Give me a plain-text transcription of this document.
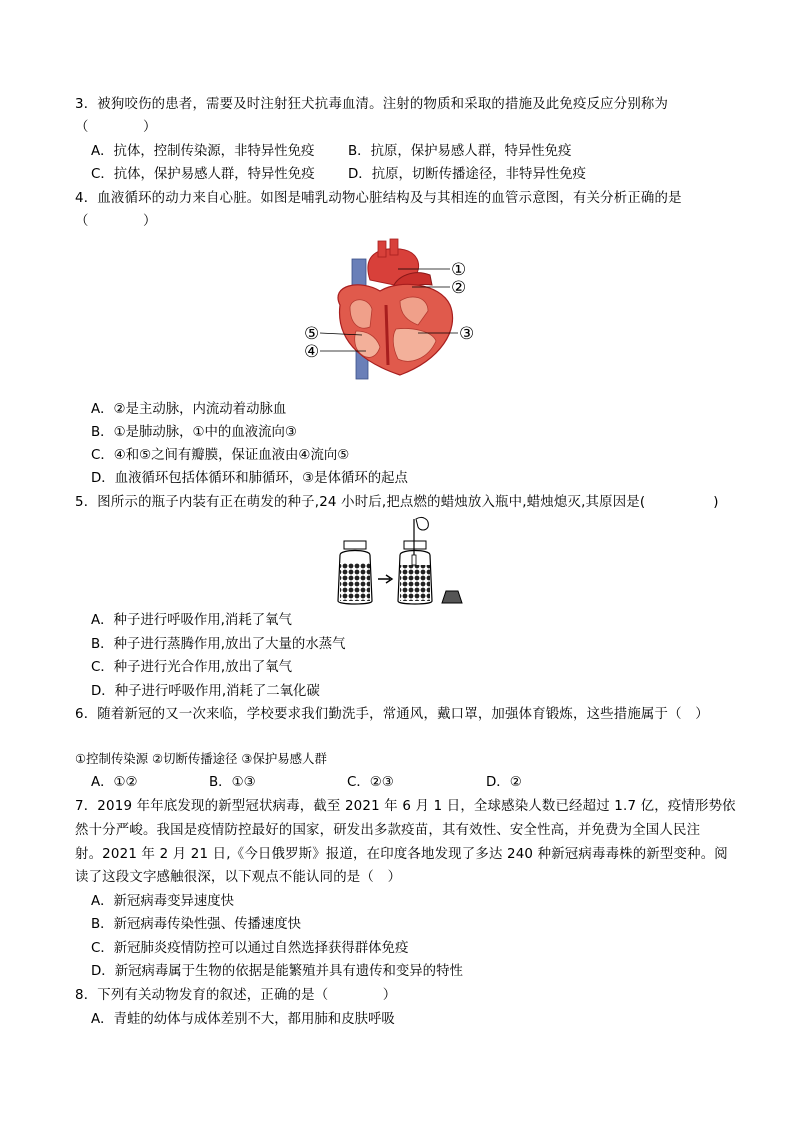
3．被狗咬伤的患者，需要及时注射狂犬抗毒血清。注射的物质和采取的措施及此免疫反应分别称为
（　　　　）
A．抗体，控制传染源，非特异性免疫	B．抗原，保护易感人群，特异性免疫
C．抗体，保护易感人群，特异性免疫 D．抗原，切断传播途径，非特异性免疫
4．血液循环的动力来自心脏。如图是哺乳动物心脏结构及与其相连的血管示意图，有关分析正确的是
（　　　　）
①
②
③
⑤
④
A．②是主动脉，内流动着动脉血
B．①是肺动脉，①中的血液流向③
C．④和⑤之间有瓣膜，保证血液由④流向⑤
D．血液循环包括体循环和肺循环，③是体循环的起点
5．图所示的瓶子内装有正在萌发的种子,24 小时后,把点燃的蜡烛放入瓶中,蜡烛熄灭,其原因是(　　　　　)
A．种子进行呼吸作用,消耗了氧气
B．种子进行蒸腾作用,放出了大量的水蒸气
C．种子进行光合作用,放出了氧气
D．种子进行呼吸作用,消耗了二氧化碳
6．随着新冠的又一次来临，学校要求我们勤洗手，常通风，戴口罩，加强体育锻炼，这些措施属于（　）
①控制传染源 ②切断传播途径 ③保护易感人群
A．①②	B．①③	C．②③	D．②
7．2019 年年底发现的新型冠状病毒，截至 2021 年 6 月 1 日，全球感染人数已经超过 1.7 亿，疫情形势依
然十分严峻。我国是疫情防控最好的国家，研发出多款疫苗，其有效性、安全性高，并免费为全国人民注
射。2021 年 2 月 21 日,《今日俄罗斯》报道，在印度各地发现了多达 240 种新冠病毒毒株的新型变种。阅
读了这段文字感触很深，以下观点不能认同的是（　）
A．新冠病毒变异速度快
B．新冠病毒传染性强、传播速度快
C．新冠肺炎疫情防控可以通过自然选择获得群体免疫
D．新冠病毒属于生物的依据是能繁殖并具有遗传和变异的特性
8．下列有关动物发育的叙述，正确的是（　　　　）
A．青蛙的幼体与成体差别不大，都用肺和皮肤呼吸
